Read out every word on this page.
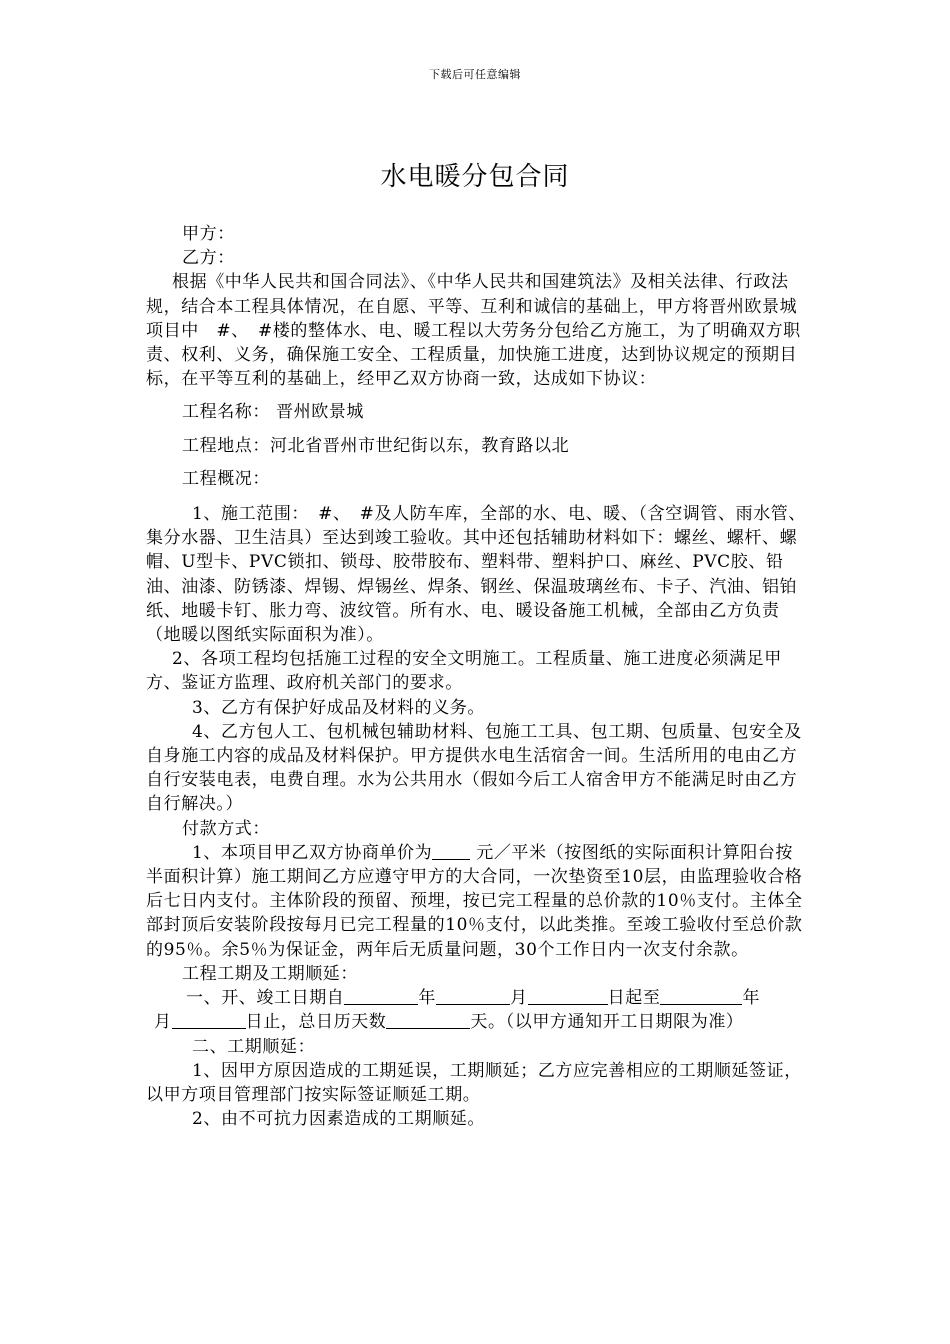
下载后可任意编辑
水电暖分包合同

甲方：

乙方：

根据《中华人民共和国合同法》、《中华人民共和国建筑法》及相关法律、行政法规，结合本工程具体情况，在自愿、平等、互利和诚信的基础上，甲方将晋州欧景城项目中　#、　#楼的整体水、电、暖工程以大劳务分包给乙方施工，为了明确双方职责、权利、义务，确保施工安全、工程质量，加快施工进度，达到协议规定的预期目标，在平等互利的基础上，经甲乙双方协商一致，达成如下协议：

工程名称： 晋州欧景城

工程地点：河北省晋州市世纪街以东，教育路以北

工程概况：

1、施工范围：　#、　#及人防车库，全部的水、电、暖、（含空调管、雨水管、集分水器、卫生洁具）至达到竣工验收。其中还包括辅助材料如下：螺丝、螺杆、螺帽、U型卡、PVC锁扣、锁母、胶带胶布、塑料带、塑料护口、麻丝、PVC胶、铅油、油漆、防锈漆、焊锡、焊锡丝、焊条、钢丝、保温玻璃丝布、卡子、汽油、铝铂纸、地暖卡钉、胀力弯、波纹管。所有水、电、暖设备施工机械，全部由乙方负责（地暖以图纸实际面积为准）。

2、各项工程均包括施工过程的安全文明施工。工程质量、施工进度必须满足甲方、鉴证方监理、政府机关部门的要求。

3、乙方有保护好成品及材料的义务。

4、乙方包人工、包机械包辅助材料、包施工工具、包工期、包质量、包安全及自身施工内容的成品及材料保护。甲方提供水电生活宿舍一间。生活所用的电由乙方自行安装电表，电费自理。水为公共用水（假如今后工人宿舍甲方不能满足时由乙方自行解决。）

付款方式：

1、本项目甲乙双方协商单价为 元／平米（按图纸的实际面积计算阳台按半面积计算）施工期间乙方应遵守甲方的大合同，一次垫资至10层，由监理验收合格后七日内支付。主体阶段的预留、预埋，按已完工程量的总价款的10％支付。主体全部封顶后安装阶段按每月已完工程量的10％支付，以此类推。至竣工验收付至总价款的95％。余5％为保证金，两年后无质量问题，30个工作日内一次支付余款。

工程工期及工期顺延：

一、开、竣工日期自	年	月	日起至	年
月	日止，总日历天数	天。（以甲方通知开工日期限为准）

二、工期顺延：

1、因甲方原因造成的工期延误，工期顺延；乙方应完善相应的工期顺延签证，以甲方项目管理部门按实际签证顺延工期。

2、由不可抗力因素造成的工期顺延。
